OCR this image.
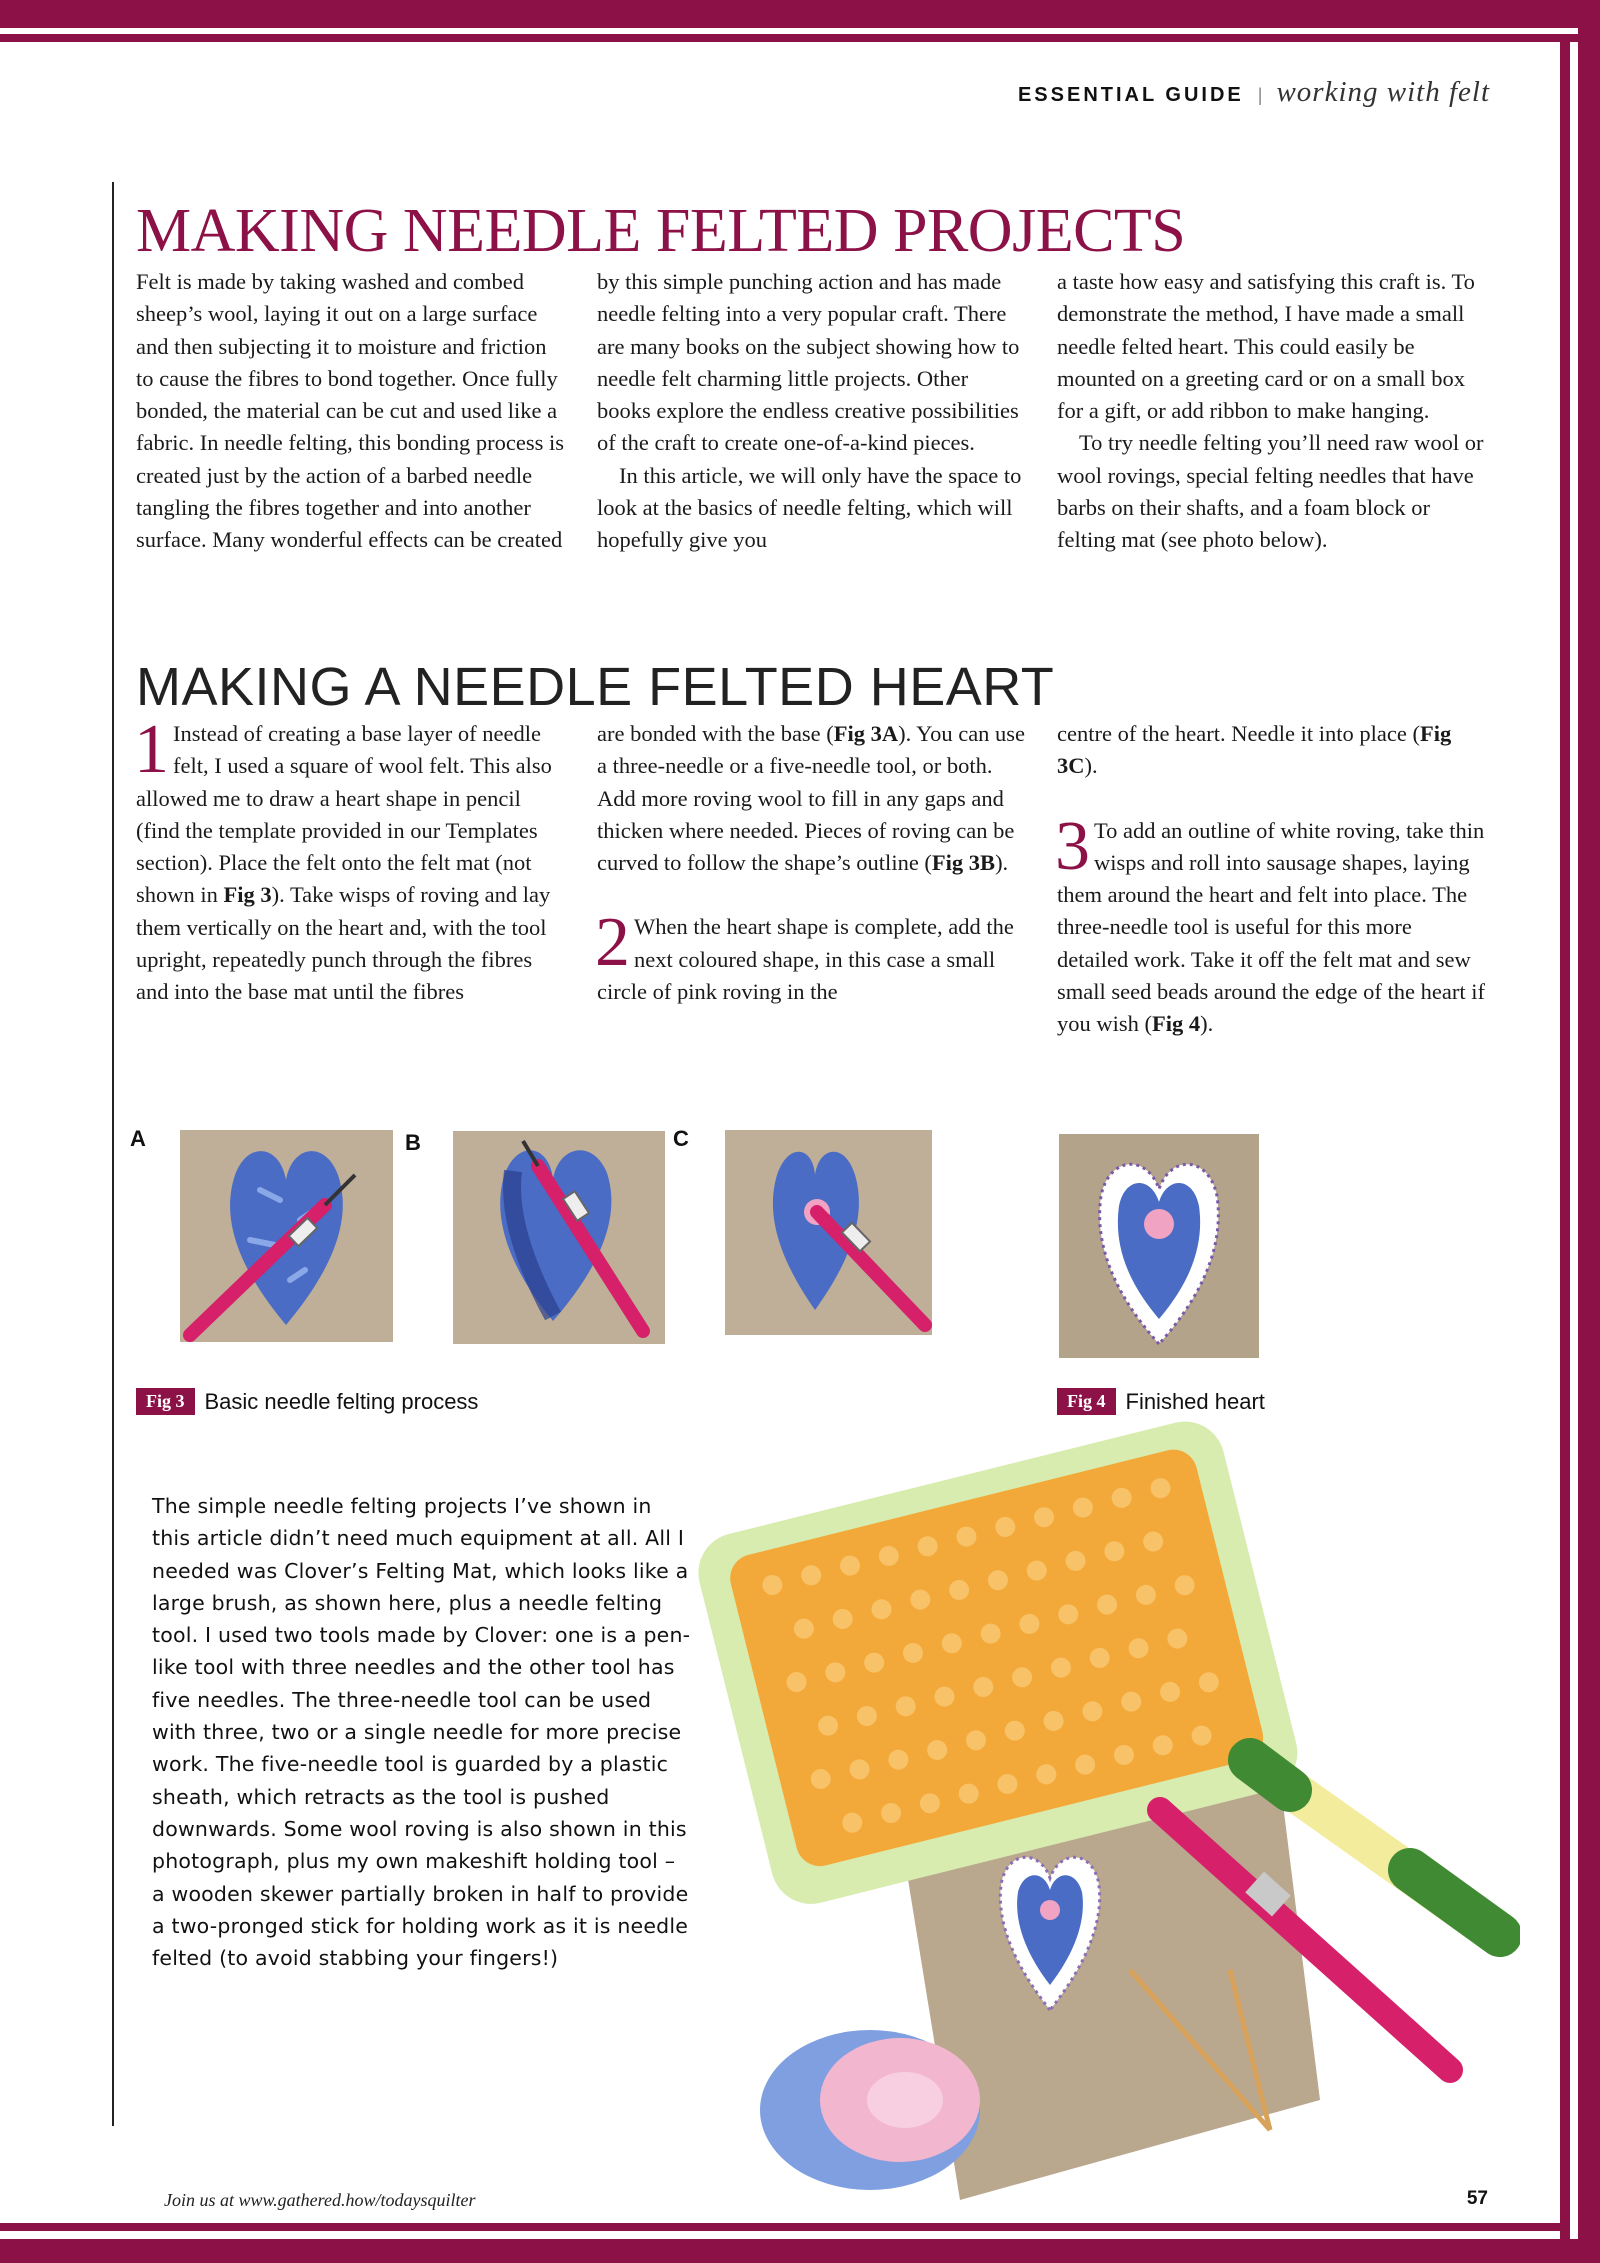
ESSENTIAL GUIDE | working with felt
MAKING NEEDLE FELTED PROJECTS

Felt is made by taking washed and combed sheep’s wool, laying it out on a large surface and then subjecting it to moisture and friction to cause the fibres to bond together. Once fully bonded, the material can be cut and used like a fabric. In needle felting, this bonding process is created just by the action of a barbed needle tangling the fibres together and into another surface. Many wonderful effects can be created

by this simple punching action and has made needle felting into a very popular craft. There are many books on the subject showing how to needle felt charming little projects. Other books explore the endless creative possibilities of the craft to create one-of-a-kind pieces.

In this article, we will only have the space to look at the basics of needle felting, which will hopefully give you

a taste how easy and satisfying this craft is. To demonstrate the method, I have made a small needle felted heart. This could easily be mounted on a greeting card or on a small box for a gift, or add ribbon to make hanging.

To try needle felting you’ll need raw wool or wool rovings, special felting needles that have barbs on their shafts, and a foam block or felting mat (see photo below).

MAKING A NEEDLE FELTED HEART

1 Instead of creating a base layer of needle felt, I used a square of wool felt. This also allowed me to draw a heart shape in pencil (find the template provided in our Templates section). Place the felt onto the felt mat (not shown in Fig 3). Take wisps of roving and lay them vertically on the heart and, with the tool upright, repeatedly punch through the fibres and into the base mat until the fibres

are bonded with the base (Fig 3A). You can use a three-needle or a five-needle tool, or both. Add more roving wool to fill in any gaps and thicken where needed. Pieces of roving can be curved to follow the shape’s outline (Fig 3B).

2 When the heart shape is complete, add the next coloured shape, in this case a small circle of pink roving in the

centre of the heart. Needle it into place (Fig 3C).

3 To add an outline of white roving, take thin wisps and roll into sausage shapes, laying them around the heart and felt into place. The three-needle tool is useful for this more detailed work. Take it off the felt mat and sew small seed beads around the edge of the heart if you wish (Fig 4).

A	B	C
Fig 3 Basic needle felting process	Fig 4 Finished heart
The simple needle felting projects I’ve shown in this article didn’t need much equipment at all. All I needed was Clover’s Felting Mat, which looks like a large brush, as shown here, plus a needle felting tool. I used two tools made by Clover: one is a pen-like tool with three needles and the other tool has five needles. The three-needle tool can be used with three, two or a single needle for more precise work. The five-needle tool is guarded by a plastic sheath, which retracts as the tool is pushed downwards. Some wool roving is also shown in this photograph, plus my own makeshift holding tool – a wooden skewer partially broken in half to provide a two-pronged stick for holding work as it is needle felted (to avoid stabbing your fingers!)
Join us at www.gathered.how/todaysquilter	57
